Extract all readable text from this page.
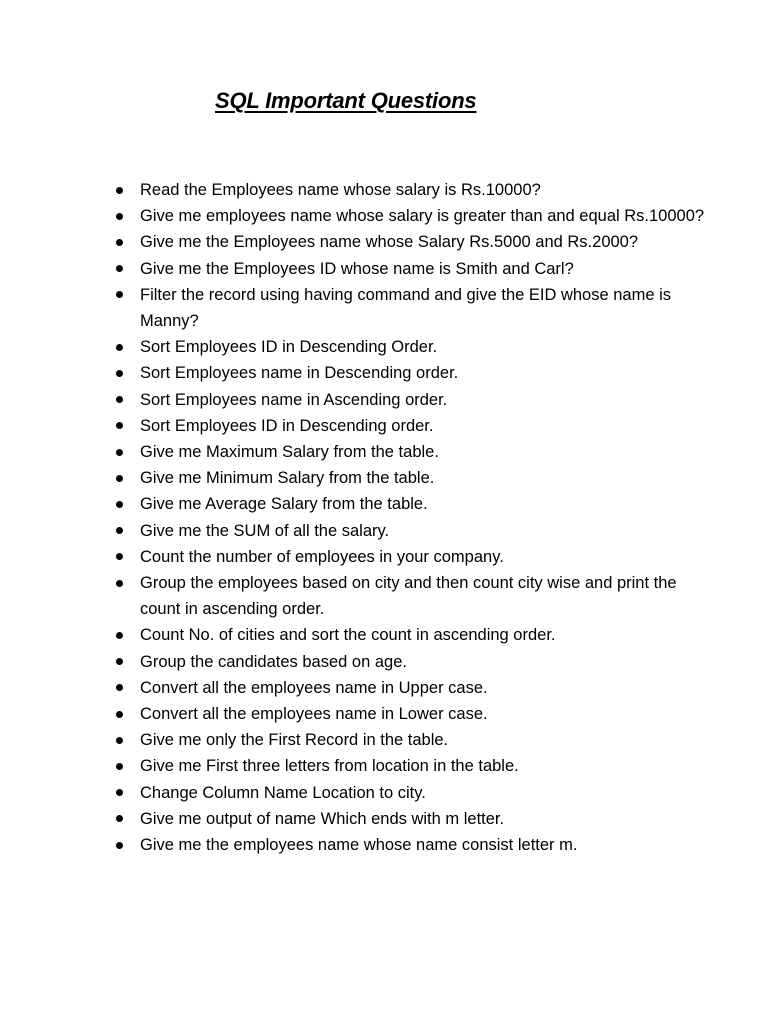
SQL Important Questions
Read the Employees name whose salary is Rs.10000?
Give me employees name whose salary is greater than and equal Rs.10000?
Give me the Employees name whose Salary Rs.5000 and Rs.2000?
Give me the Employees ID whose name is Smith and Carl?
Filter the record using having command and give the EID whose name is Manny?
Sort Employees ID in Descending Order.
Sort Employees name in Descending order.
Sort Employees name in Ascending order.
Sort Employees ID in Descending order.
Give me Maximum Salary from the table.
Give me Minimum Salary from the table.
Give me Average Salary from the table.
Give me the SUM of all the salary.
Count the number of employees in your company.
Group the employees based on city and then count city wise and print the count in ascending order.
Count No. of cities and sort the count in ascending order.
Group the candidates based on age.
Convert all the employees name in Upper case.
Convert all the employees name in Lower case.
Give me only the First Record in the table.
Give me First three letters from location in the table.
Change Column Name Location to city.
Give me output of name Which ends with m letter.
Give me the employees name whose name consist letter m.
